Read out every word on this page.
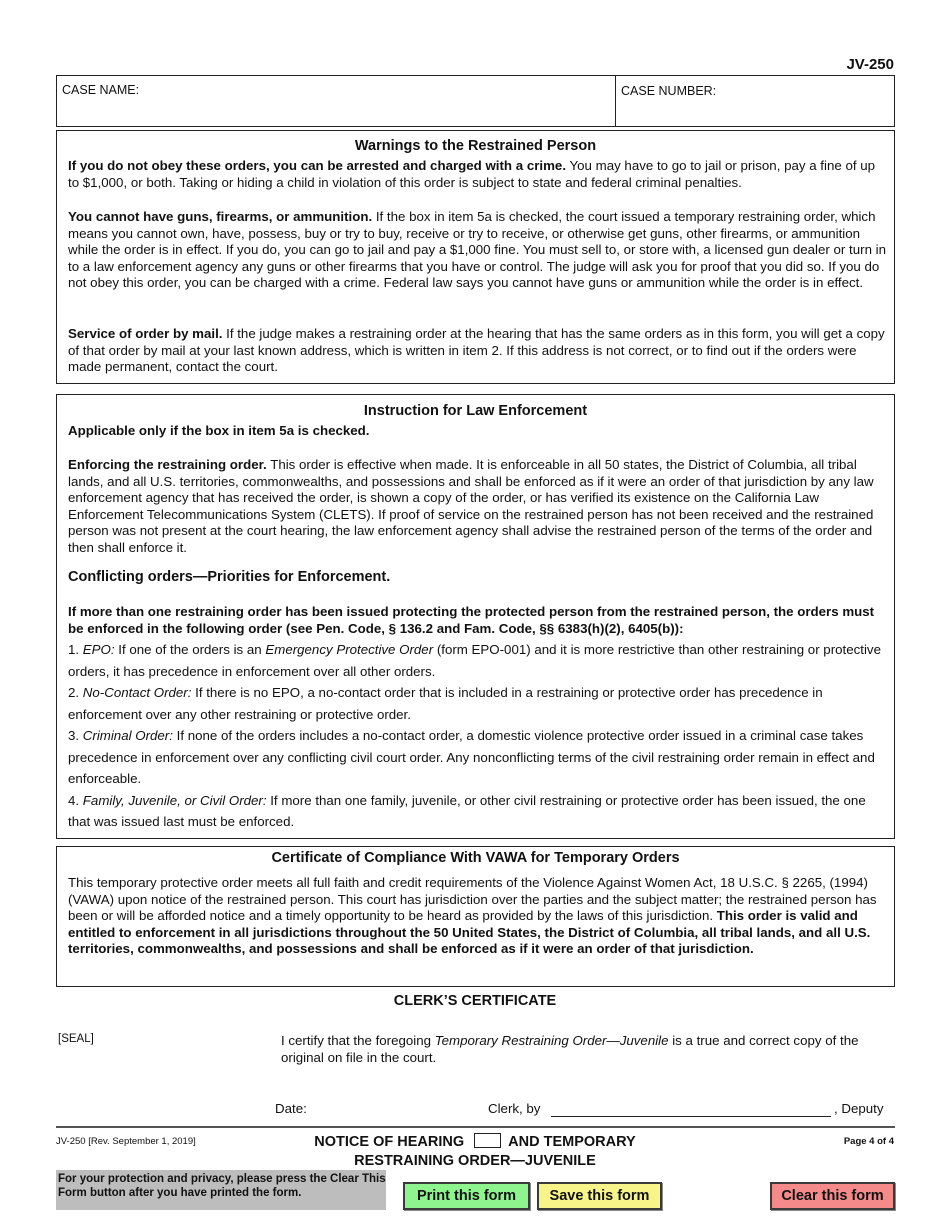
JV-250
CASE NAME:	CASE NUMBER:
Warnings to the Restrained Person
If you do not obey these orders, you can be arrested and charged with a crime. You may have to go to jail or prison, pay a fine of up to $1,000, or both. Taking or hiding a child in violation of this order is subject to state and federal criminal penalties.
You cannot have guns, firearms, or ammunition. If the box in item 5a is checked, the court issued a temporary restraining order, which means you cannot own, have, possess, buy or try to buy, receive or try to receive, or otherwise get guns, other firearms, or ammunition while the order is in effect. If you do, you can go to jail and pay a $1,000 fine. You must sell to, or store with, a licensed gun dealer or turn in to a law enforcement agency any guns or other firearms that you have or control. The judge will ask you for proof that you did so. If you do not obey this order, you can be charged with a crime. Federal law says you cannot have guns or ammunition while the order is in effect.
Service of order by mail. If the judge makes a restraining order at the hearing that has the same orders as in this form, you will get a copy of that order by mail at your last known address, which is written in item 2. If this address is not correct, or to find out if the orders were made permanent, contact the court.
Instruction for Law Enforcement
Applicable only if the box in item 5a is checked.
Enforcing the restraining order. This order is effective when made. It is enforceable in all 50 states, the District of Columbia, all tribal lands, and all U.S. territories, commonwealths, and possessions and shall be enforced as if it were an order of that jurisdiction by any law enforcement agency that has received the order, is shown a copy of the order, or has verified its existence on the California Law Enforcement Telecommunications System (CLETS). If proof of service on the restrained person has not been received and the restrained person was not present at the court hearing, the law enforcement agency shall advise the restrained person of the terms of the order and then shall enforce it.
Conflicting orders—Priorities for Enforcement.
If more than one restraining order has been issued protecting the protected person from the restrained person, the orders must be enforced in the following order (see Pen. Code, § 136.2 and Fam. Code, §§ 6383(h)(2), 6405(b)):
1. EPO: If one of the orders is an Emergency Protective Order (form EPO-001) and it is more restrictive than other restraining or protective orders, it has precedence in enforcement over all other orders.
2. No-Contact Order: If there is no EPO, a no-contact order that is included in a restraining or protective order has precedence in enforcement over any other restraining or protective order.
3. Criminal Order: If none of the orders includes a no-contact order, a domestic violence protective order issued in a criminal case takes precedence in enforcement over any conflicting civil court order. Any nonconflicting terms of the civil restraining order remain in effect and enforceable.
4. Family, Juvenile, or Civil Order: If more than one family, juvenile, or other civil restraining or protective order has been issued, the one that was issued last must be enforced.
Certificate of Compliance With VAWA for Temporary Orders
This temporary protective order meets all full faith and credit requirements of the Violence Against Women Act, 18 U.S.C. § 2265, (1994) (VAWA) upon notice of the restrained person. This court has jurisdiction over the parties and the subject matter; the restrained person has been or will be afforded notice and a timely opportunity to be heard as provided by the laws of this jurisdiction. This order is valid and entitled to enforcement in all jurisdictions throughout the 50 United States, the District of Columbia, all tribal lands, and all U.S. territories, commonwealths, and possessions and shall be enforced as if it were an order of that jurisdiction.
CLERK’S CERTIFICATE
[SEAL]	I certify that the foregoing Temporary Restraining Order—Juvenile is a true and correct copy of the original on file in the court.
Date:	Clerk, by	, Deputy
JV-250 [Rev. September 1, 2019]	Page 4 of 4
NOTICE OF HEARING	AND TEMPORARY
RESTRAINING ORDER—JUVENILE
For your protection and privacy, please press the Clear This Form button after you have printed the form.	Print this form	Save this form	Clear this form
